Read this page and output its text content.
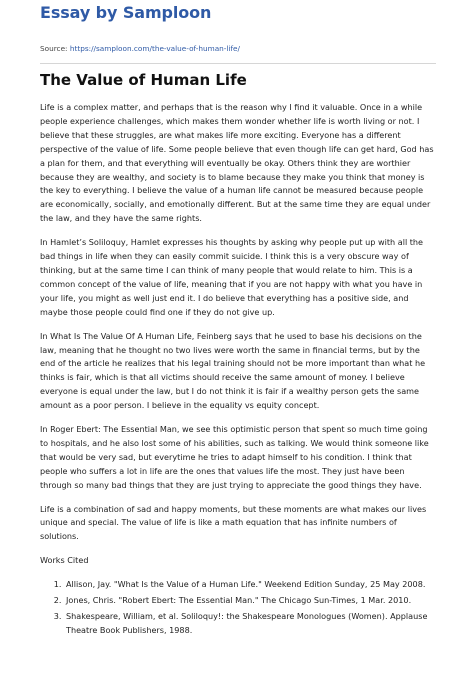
Essay by Samploon
Source: https://samploon.com/the-value-of-human-life/
The Value of Human Life

Life is a complex matter, and perhaps that is the reason why I find it valuable. Once in a while people experience challenges, which makes them wonder whether life is worth living or not. I believe that these struggles, are what makes life more exciting. Everyone has a different perspective of the value of life. Some people believe that even though life can get hard, God has a plan for them, and that everything will eventually be okay. Others think they are worthier because they are wealthy, and society is to blame because they make you think that money is the key to everything. I believe the value of a human life cannot be measured because people are economically, socially, and emotionally different. But at the same time they are equal under the law, and they have the same rights.

In Hamlet’s Soliloquy, Hamlet expresses his thoughts by asking why people put up with all the bad things in life when they can easily commit suicide. I think this is a very obscure way of thinking, but at the same time I can think of many people that would relate to him. This is a common concept of the value of life, meaning that if you are not happy with what you have in your life, you might as well just end it. I do believe that everything has a positive side, and maybe those people could find one if they do not give up.

In What Is The Value Of A Human Life, Feinberg says that he used to base his decisions on the law, meaning that he thought no two lives were worth the same in financial terms, but by the end of the article he realizes that his legal training should not be more important than what he thinks is fair, which is that all victims should receive the same amount of money. I believe everyone is equal under the law, but I do not think it is fair if a wealthy person gets the same amount as a poor person. I believe in the equality vs equity concept.

In Roger Ebert: The Essential Man, we see this optimistic person that spent so much time going to hospitals, and he also lost some of his abilities, such as talking. We would think someone like that would be very sad, but everytime he tries to adapt himself to his condition. I think that people who suffers a lot in life are the ones that values life the most. They just have been through so many bad things that they are just trying to appreciate the good things they have.

Life is a combination of sad and happy moments, but these moments are what makes our lives unique and special. The value of life is like a math equation that has infinite numbers of solutions.

Works Cited

1. Allison, Jay. "What Is the Value of a Human Life." Weekend Edition Sunday, 25 May 2008.
2. Jones, Chris. "Robert Ebert: The Essential Man." The Chicago Sun-Times, 1 Mar. 2010.
3. Shakespeare, William, et al. Soliloquy!: the Shakespeare Monologues (Women). Applause Theatre Book Publishers, 1988.
